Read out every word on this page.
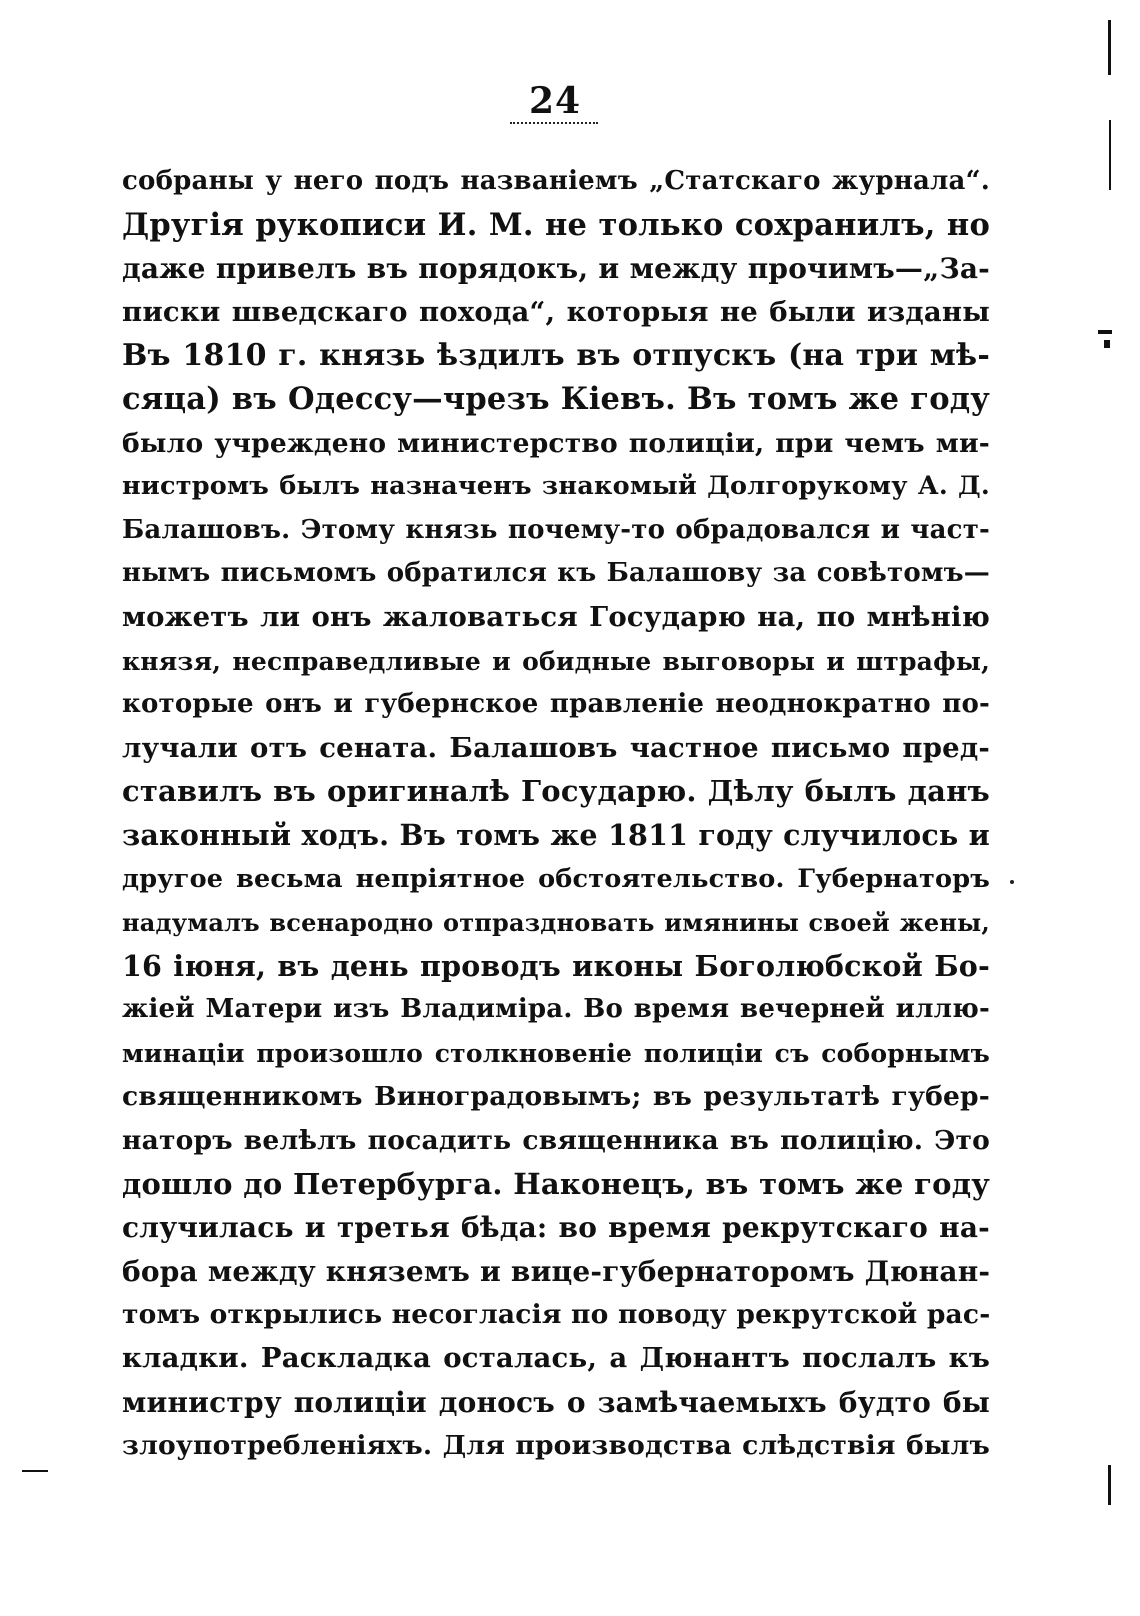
24
собраны у него подъ названіемъ „Статскаго журнала“.
Другія рукописи И. М. не только сохранилъ, но
даже привелъ въ порядокъ, и между прочимъ—„За-
писки шведскаго похода“, которыя не были изданы
Въ 1810 г. князь ѣздилъ въ отпускъ (на три мѣ-
сяца) въ Одессу—чрезъ Кіевъ. Въ томъ же году
было учреждено министерство полиціи, при чемъ ми-
нистромъ былъ назначенъ знакомый Долгорукому А. Д.
Балашовъ. Этому князь почему-то обрадовался и част-
нымъ письмомъ обратился къ Балашову за совѣтомъ—
можетъ ли онъ жаловаться Государю на, по мнѣнію
князя, несправедливые и обидные выговоры и штрафы,
которые онъ и губернское правленіе неоднократно по-
лучали отъ сената. Балашовъ частное письмо пред-
ставилъ въ оригиналѣ Государю. Дѣлу былъ данъ
законный ходъ. Въ томъ же 1811 году случилось и
другое весьма непріятное обстоятельство. Губернаторъ
надумалъ всенародно отпраздновать имянины своей жены,
16 іюня, въ день проводъ иконы Боголюбской Бо-
жіей Матери изъ Владиміра. Во время вечерней иллю-
минаціи произошло столкновеніе полиціи съ соборнымъ
священникомъ Виноградовымъ; въ результатѣ губер-
наторъ велѣлъ посадить священника въ полицію. Это
дошло до Петербурга. Наконецъ, въ томъ же году
случилась и третья бѣда: во время рекрутскаго на-
бора между княземъ и вице-губернаторомъ Дюнан-
томъ открылись несогласія по поводу рекрутской рас-
кладки. Раскладка осталась, а Дюнантъ послалъ къ
министру полиціи доносъ о замѣчаемыхъ будто бы
злоупотребленіяхъ. Для производства слѣдствія былъ
